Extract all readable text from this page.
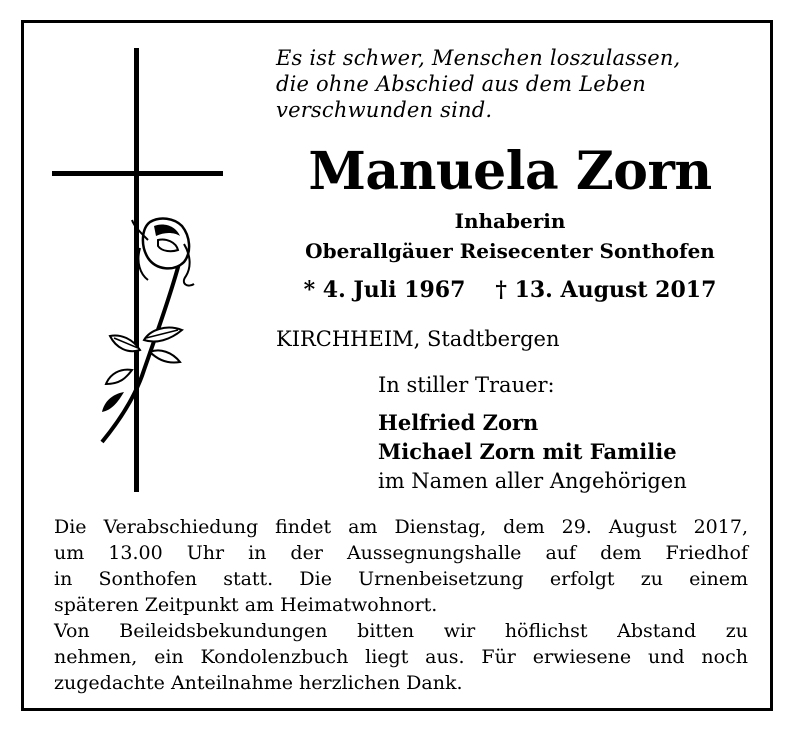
Es ist schwer, Menschen loszulassen,
die ohne Abschied aus dem Leben
verschwunden sind.
Manuela Zorn
Inhaberin
Oberallgäuer Reisecenter Sonthofen
* 4. Juli 1967 † 13. August 2017
KIRCHHEIM, Stadtbergen
In stiller Trauer:
Helfried Zorn
Michael Zorn mit Familie
im Namen aller Angehörigen
Die Verabschiedung findet am Dienstag, dem 29. August 2017,
um 13.00 Uhr in der Aussegnungshalle auf dem Friedhof
in Sonthofen statt. Die Urnenbeisetzung erfolgt zu einem
späteren Zeitpunkt am Heimatwohnort.
Von Beileidsbekundungen bitten wir höflichst Abstand zu
nehmen, ein Kondolenzbuch liegt aus. Für erwiesene und noch
zugedachte Anteilnahme herzlichen Dank.
